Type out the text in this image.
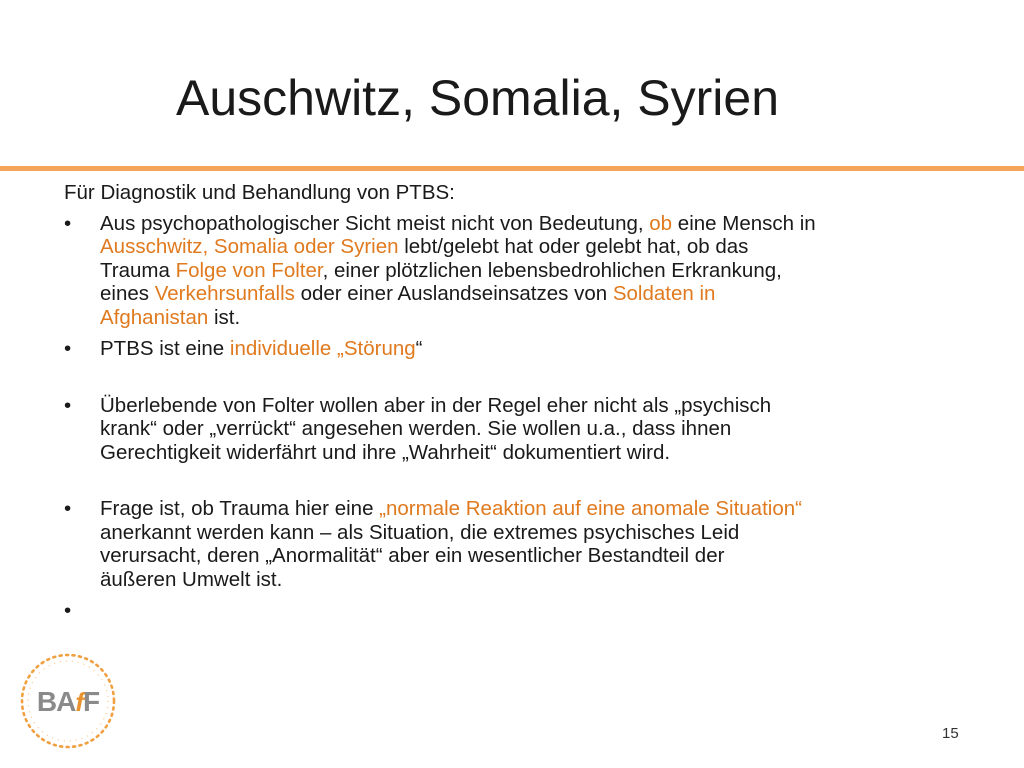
Auschwitz, Somalia, Syrien

Für Diagnostik und Behandlung von PTBS:

•	Aus psychopathologischer Sicht meist nicht von Bedeutung, ob eine Mensch in
Ausschwitz, Somalia oder Syrien lebt/gelebt hat oder gelebt hat, ob das
Trauma Folge von Folter, einer plötzlichen lebensbedrohlichen Erkrankung,
eines Verkehrsunfalls oder einer Auslandseinsatzes von Soldaten in
Afghanistan ist.
•	PTBS ist eine individuelle „Störung“
•	Überlebende von Folter wollen aber in der Regel eher nicht als „psychisch
krank“ oder „verrückt“ angesehen werden. Sie wollen u.a., dass ihnen
Gerechtigkeit widerfährt und ihre „Wahrheit“ dokumentiert wird.
•	Frage ist, ob Trauma hier eine „normale Reaktion auf eine anomale Situation“
anerkannt werden kann – als Situation, die extremes psychisches Leid
verursacht, deren „Anormalität“ aber ein wesentlicher Bestandteil der
äußeren Umwelt ist.
•

BAfF
15
